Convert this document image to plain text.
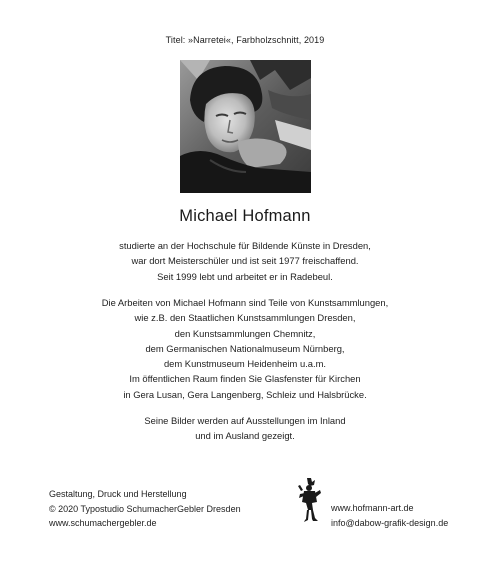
Titel: »Narretei«, Farbholzschnitt, 2019
Michael Hofmann
studierte an der Hochschule für Bildende Künste in Dresden,
war dort Meisterschüler und ist seit 1977 freischaffend.
Seit 1999 lebt und arbeitet er in Radebeul.
Die Arbeiten von Michael Hofmann sind Teile von Kunstsammlungen,
wie z.B. den Staatlichen Kunstsammlungen Dresden,
den Kunstsammlungen Chemnitz,
dem Germanischen Nationalmuseum Nürnberg,
dem Kunstmuseum Heidenheim u.a.m.
Im öffentlichen Raum finden Sie Glasfenster für Kirchen
in Gera Lusan, Gera Langenberg, Schleiz und Halsbrücke.
Seine Bilder werden auf Ausstellungen im Inland
und im Ausland gezeigt.
Gestaltung, Druck und Herstellung
© 2020 Typostudio SchumacherGebler Dresden
www.schumachergebler.de
www.hofmann-art.de
info@dabow-grafik-design.de
